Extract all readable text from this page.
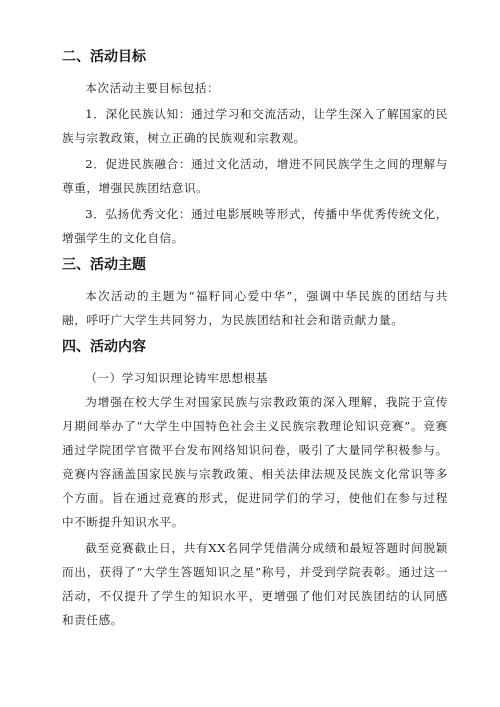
二、活动目标

本次活动主要目标包括：

1．深化民族认知：通过学习和交流活动，让学生深入了解国家的民族与宗教政策，树立正确的民族观和宗教观。

2．促进民族融合：通过文化活动，增进不同民族学生之间的理解与尊重，增强民族团结意识。

3．弘扬优秀文化：通过电影展映等形式，传播中华优秀传统文化，增强学生的文化自信。

三、活动主题

本次活动的主题为“福籽同心爱中华”，强调中华民族的团结与共融，呼吁广大学生共同努力，为民族团结和社会和谐贡献力量。

四、活动内容

（一）学习知识理论铸牢思想根基

为增强在校大学生对国家民族与宗教政策的深入理解，我院于宣传月期间举办了“大学生中国特色社会主义民族宗教理论知识竞赛”。竞赛通过学院团学官微平台发布网络知识问卷，吸引了大量同学积极参与。竞赛内容涵盖国家民族与宗教政策、相关法律法规及民族文化常识等多个方面。旨在通过竞赛的形式，促进同学们的学习，使他们在参与过程中不断提升知识水平。

截至竞赛截止日，共有XX名同学凭借满分成绩和最短答题时间脱颖而出，获得了“大学生答题知识之星”称号，并受到学院表彰。通过这一活动，不仅提升了学生的知识水平，更增强了他们对民族团结的认同感和责任感。
